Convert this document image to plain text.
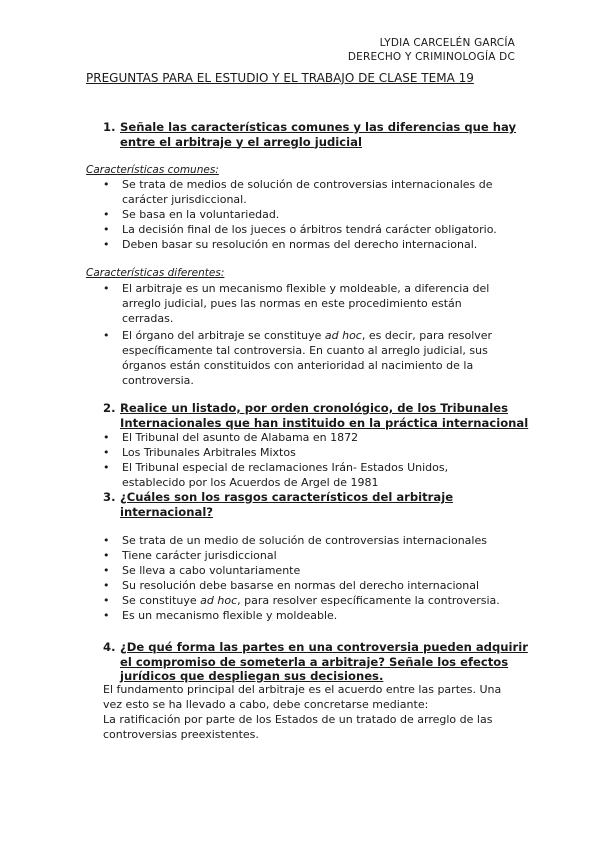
LYDIA CARCELÉN GARCÍA
DERECHO Y CRIMINOLOGÍA DC
PREGUNTAS PARA EL ESTUDIO Y EL TRABAJO DE CLASE TEMA 19
1. Señale las características comunes y las diferencias que hay
entre el arbitraje y el arreglo judicial
Características comunes:
• Se trata de medios de solución de controversias internacionales de
carácter jurisdiccional.
• Se basa en la voluntariedad.
• La decisión final de los jueces o árbitros tendrá carácter obligatorio.
• Deben basar su resolución en normas del derecho internacional.
Características diferentes:
• El arbitraje es un mecanismo flexible y moldeable, a diferencia del
arreglo judicial, pues las normas en este procedimiento están
cerradas.
• El órgano del arbitraje se constituye ad hoc, es decir, para resolver
específicamente tal controversia. En cuanto al arreglo judicial, sus
órganos están constituidos con anterioridad al nacimiento de la
controversia.
2. Realice un listado, por orden cronológico, de los Tribunales
Internacionales que han instituido en la práctica internacional
• El Tribunal del asunto de Alabama en 1872
• Los Tribunales Arbitrales Mixtos
• El Tribunal especial de reclamaciones Irán- Estados Unidos,
establecido por los Acuerdos de Argel de 1981
3. ¿Cuáles son los rasgos característicos del arbitraje
internacional?
• Se trata de un medio de solución de controversias internacionales
• Tiene carácter jurisdiccional
• Se lleva a cabo voluntariamente
• Su resolución debe basarse en normas del derecho internacional
• Se constituye ad hoc, para resolver específicamente la controversia.
• Es un mecanismo flexible y moldeable.
4. ¿De qué forma las partes en una controversia pueden adquirir
el compromiso de someterla a arbitraje? Señale los efectos
jurídicos que despliegan sus decisiones.
El fundamento principal del arbitraje es el acuerdo entre las partes. Una
vez esto se ha llevado a cabo, debe concretarse mediante:
La ratificación por parte de los Estados de un tratado de arreglo de las
controversias preexistentes.
